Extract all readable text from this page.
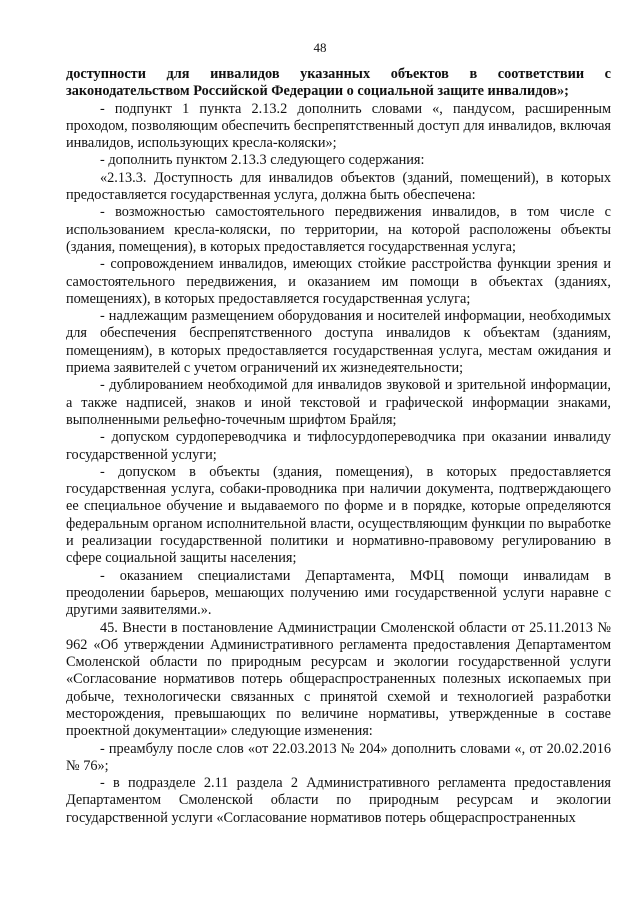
48

доступности для инвалидов указанных объектов в соответствии с законодательством Российской Федерации о социальной защите инвалидов»;

- подпункт 1 пункта 2.13.2 дополнить словами «, пандусом, расширенным проходом, позволяющим обеспечить беспрепятственный доступ для инвалидов, включая инвалидов, использующих кресла-коляски»;

- дополнить пунктом 2.13.3 следующего содержания:

«2.13.3. Доступность для инвалидов объектов (зданий, помещений), в которых предоставляется государственная услуга, должна быть обеспечена:

- возможностью самостоятельного передвижения инвалидов, в том числе с использованием кресла-коляски, по территории, на которой расположены объекты (здания, помещения), в которых предоставляется государственная услуга;

- сопровождением инвалидов, имеющих стойкие расстройства функции зрения и самостоятельного передвижения, и оказанием им помощи в объектах (зданиях, помещениях), в которых предоставляется государственная услуга;

- надлежащим размещением оборудования и носителей информации, необходимых для обеспечения беспрепятственного доступа инвалидов к объектам (зданиям, помещениям), в которых предоставляется государственная услуга, местам ожидания и приема заявителей с учетом ограничений их жизнедеятельности;

- дублированием необходимой для инвалидов звуковой и зрительной информации, а также надписей, знаков и иной текстовой и графической информации знаками, выполненными рельефно-точечным шрифтом Брайля;

- допуском сурдопереводчика и тифлосурдопереводчика при оказании инвалиду государственной услуги;

- допуском в объекты (здания, помещения), в которых предоставляется государственная услуга, собаки-проводника при наличии документа, подтверждающего ее специальное обучение и выдаваемого по форме и в порядке, которые определяются федеральным органом исполнительной власти, осуществляющим функции по выработке и реализации государственной политики и нормативно-правовому регулированию в сфере социальной защиты населения;

- оказанием специалистами Департамента, МФЦ помощи инвалидам в преодолении барьеров, мешающих получению ими государственной услуги наравне с другими заявителями.».

45. Внести в постановление Администрации Смоленской области от 25.11.2013 № 962 «Об утверждении Административного регламента предоставления Департаментом Смоленской области по природным ресурсам и экологии государственной услуги «Согласование нормативов потерь общераспространенных полезных ископаемых при добыче, технологически связанных с принятой схемой и технологией разработки месторождения, превышающих по величине нормативы, утвержденные в составе проектной документации» следующие изменения:

- преамбулу после слов «от 22.03.2013 № 204» дополнить словами «, от 20.02.2016 № 76»;

- в подразделе 2.11 раздела 2 Административного регламента предоставления Департаментом Смоленской области по природным ресурсам и экологии государственной услуги «Согласование нормативов потерь общераспространенных
